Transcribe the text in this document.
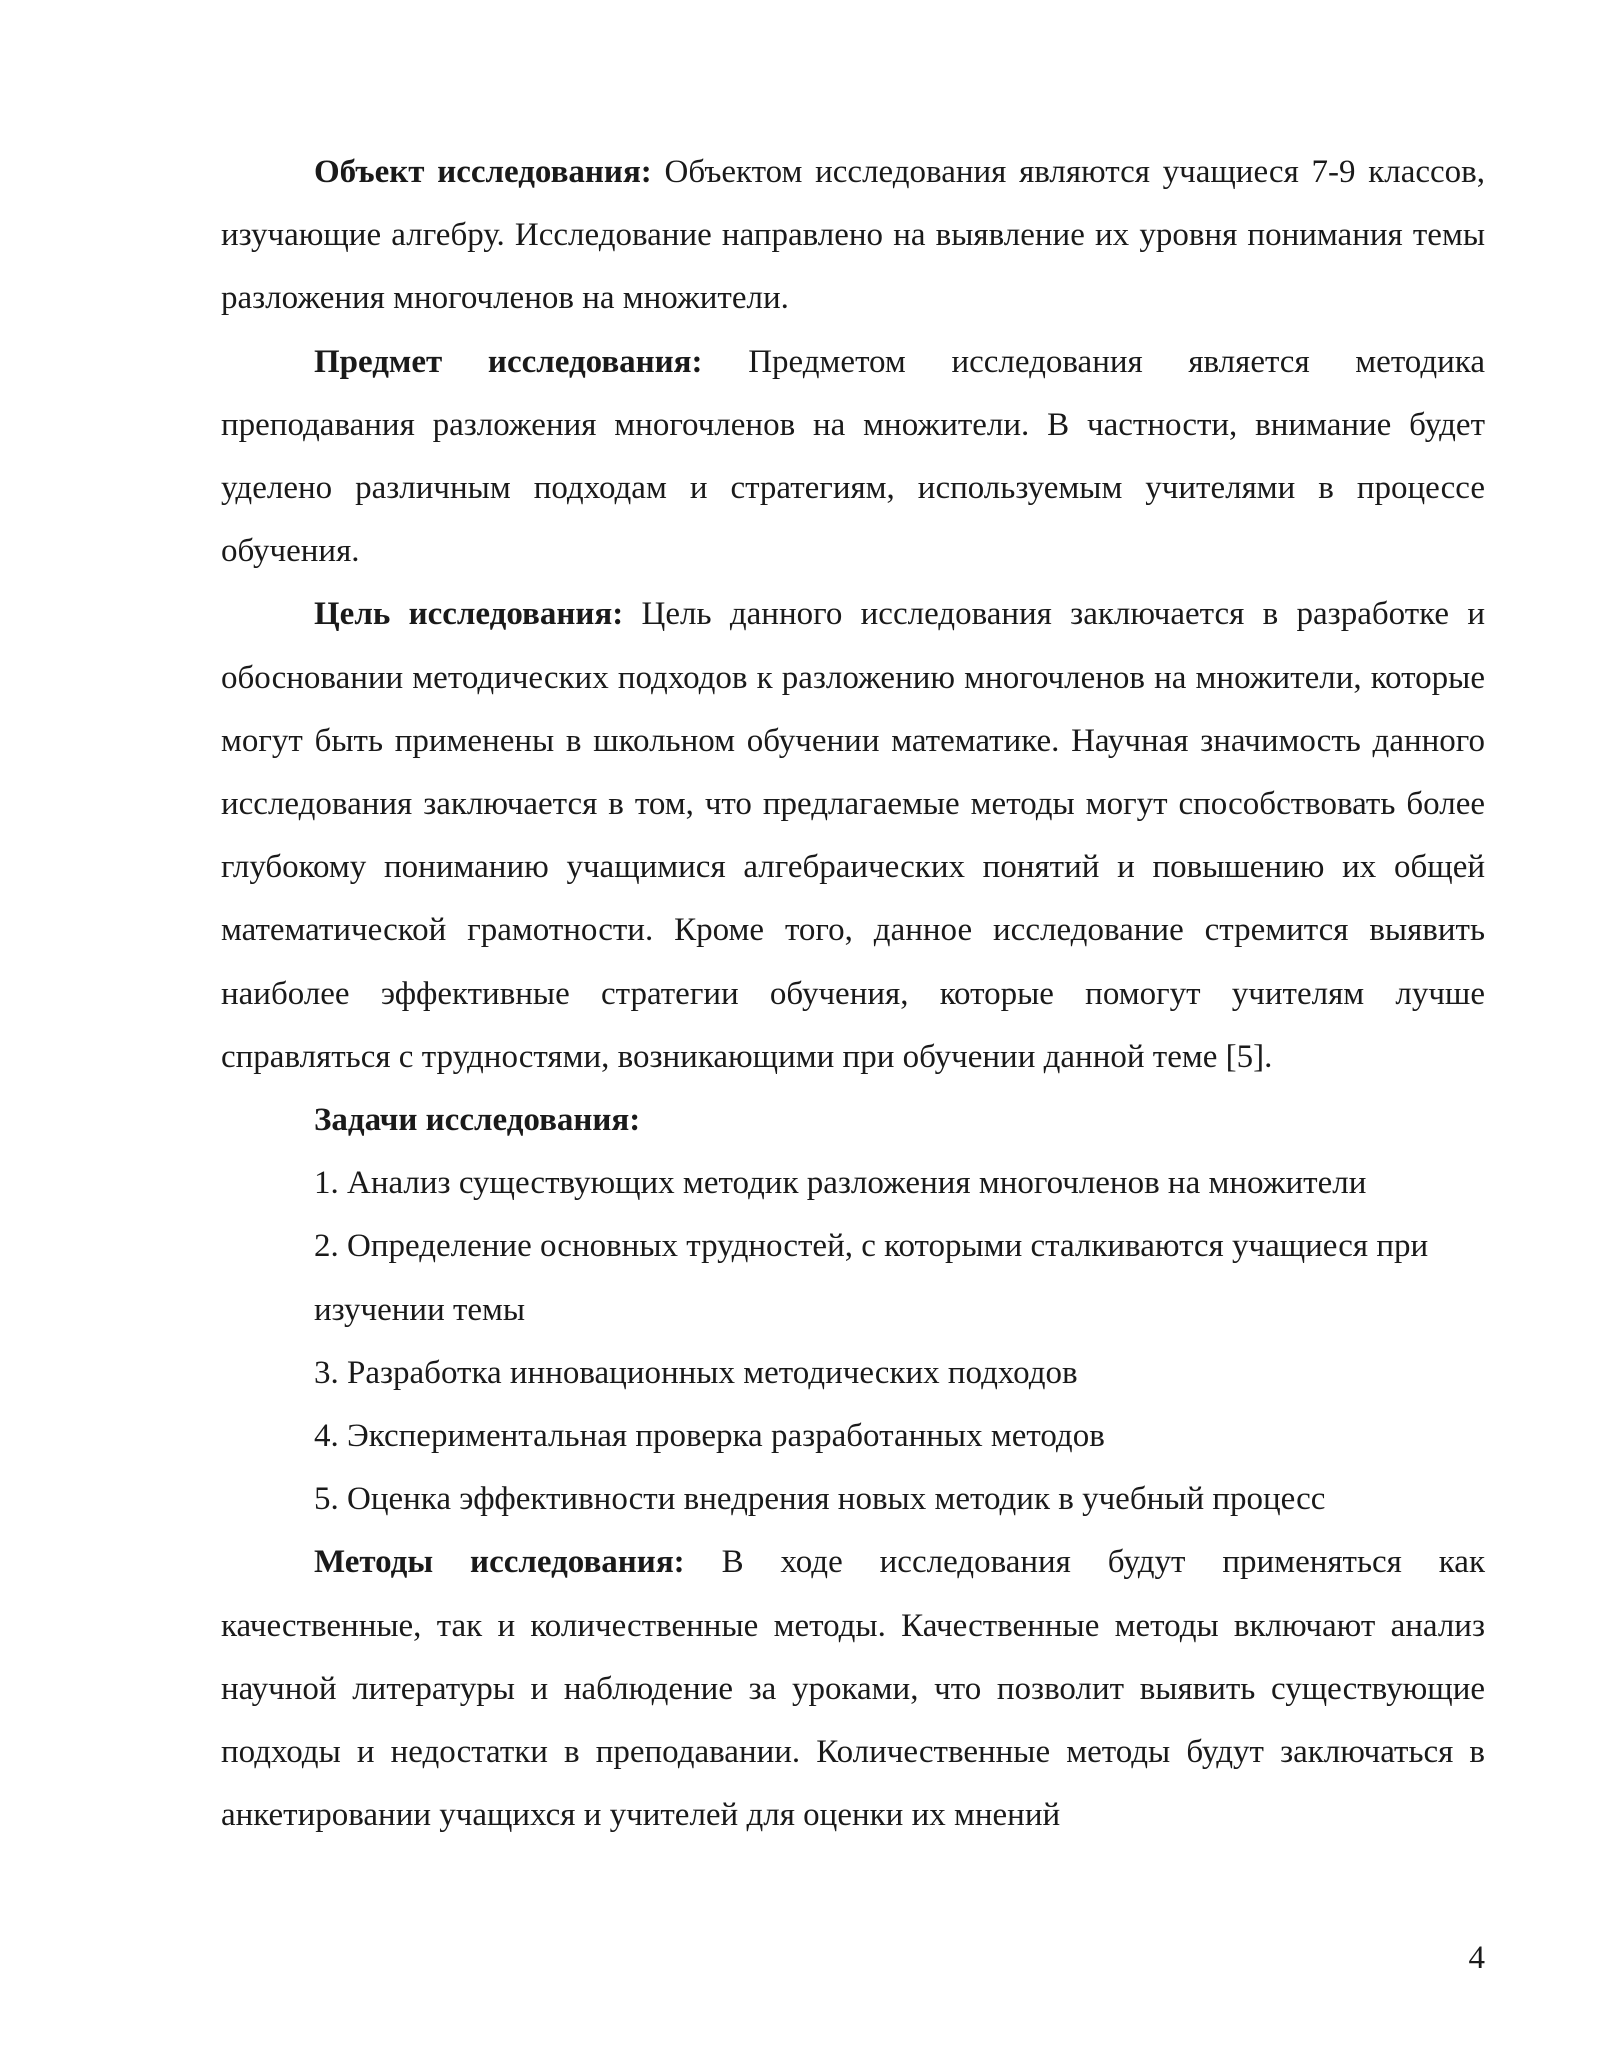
Объект исследования: Объектом исследования являются учащиеся 7-9 классов, изучающие алгебру. Исследование направлено на выявление их уровня понимания темы разложения многочленов на множители.

Предмет исследования: Предметом исследования является методика преподавания разложения многочленов на множители. В частности, внимание будет уделено различным подходам и стратегиям, используемым учителями в процессе обучения.

Цель исследования: Цель данного исследования заключается в разработке и обосновании методических подходов к разложению многочленов на множители, которые могут быть применены в школьном обучении математике. Научная значимость данного исследования заключается в том, что предлагаемые методы могут способствовать более глубокому пониманию учащимися алгебраических понятий и повышению их общей математической грамотности. Кроме того, данное исследование стремится выявить наиболее эффективные стратегии обучения, которые помогут учителям лучше справляться с трудностями, возникающими при обучении данной теме [5].

Задачи исследования:

1. Анализ существующих методик разложения многочленов на множители
2. Определение основных трудностей, с которыми сталкиваются учащиеся при изучении темы
3. Разработка инновационных методических подходов
4. Экспериментальная проверка разработанных методов
5. Оценка эффективности внедрения новых методик в учебный процесс

Методы исследования: В ходе исследования будут применяться как качественные, так и количественные методы. Качественные методы включают анализ научной литературы и наблюдение за уроками, что позволит выявить существующие подходы и недостатки в преподавании. Количественные методы будут заключаться в анкетировании учащихся и учителей для оценки их мнений

4
